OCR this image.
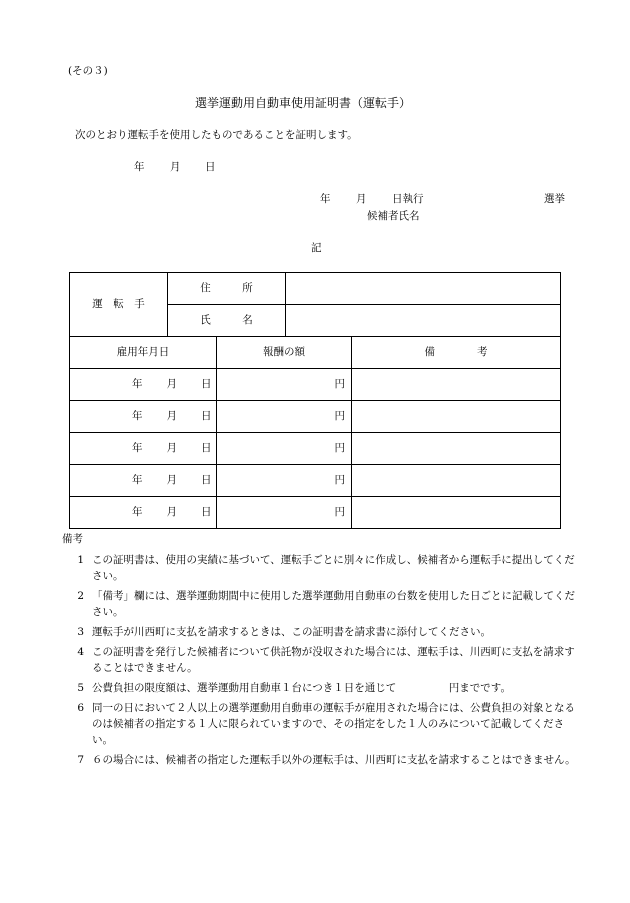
(その３)
選挙運動用自動車使用証明書（運転手）
次のとおり運転手を使用したものであることを証明します。
年 月 日
年 月 日執行	選挙
候補者氏名
記
運　転　手	住　　　所	
	氏　　　名	
雇用年月日	報酬の額	備　　　　考
年 月 日	円	
年 月 日	円	
年 月 日	円	
年 月 日	円	
年 月 日	円	
備考
1 この証明書は、使用の実績に基づいて、運転手ごとに別々に作成し、候補者から運転手に提出してください。
2 「備考」欄には、選挙運動期間中に使用した選挙運動用自動車の台数を使用した日ごとに記載してください。
3 運転手が川西町に支払を請求するときは、この証明書を請求書に添付してください。
4 この証明書を発行した候補者について供託物が没収された場合には、運転手は、川西町に支払を請求することはできません。
5 公費負担の限度額は、選挙運動用自動車１台につき１日を通じて　　　　　円までです。
6 同一の日において２人以上の選挙運動用自動車の運転手が雇用された場合には、公費負担の対象となるのは候補者の指定する１人に限られていますので、その指定をした１人のみについて記載してください。
7 ６の場合には、候補者の指定した運転手以外の運転手は、川西町に支払を請求することはできません。
